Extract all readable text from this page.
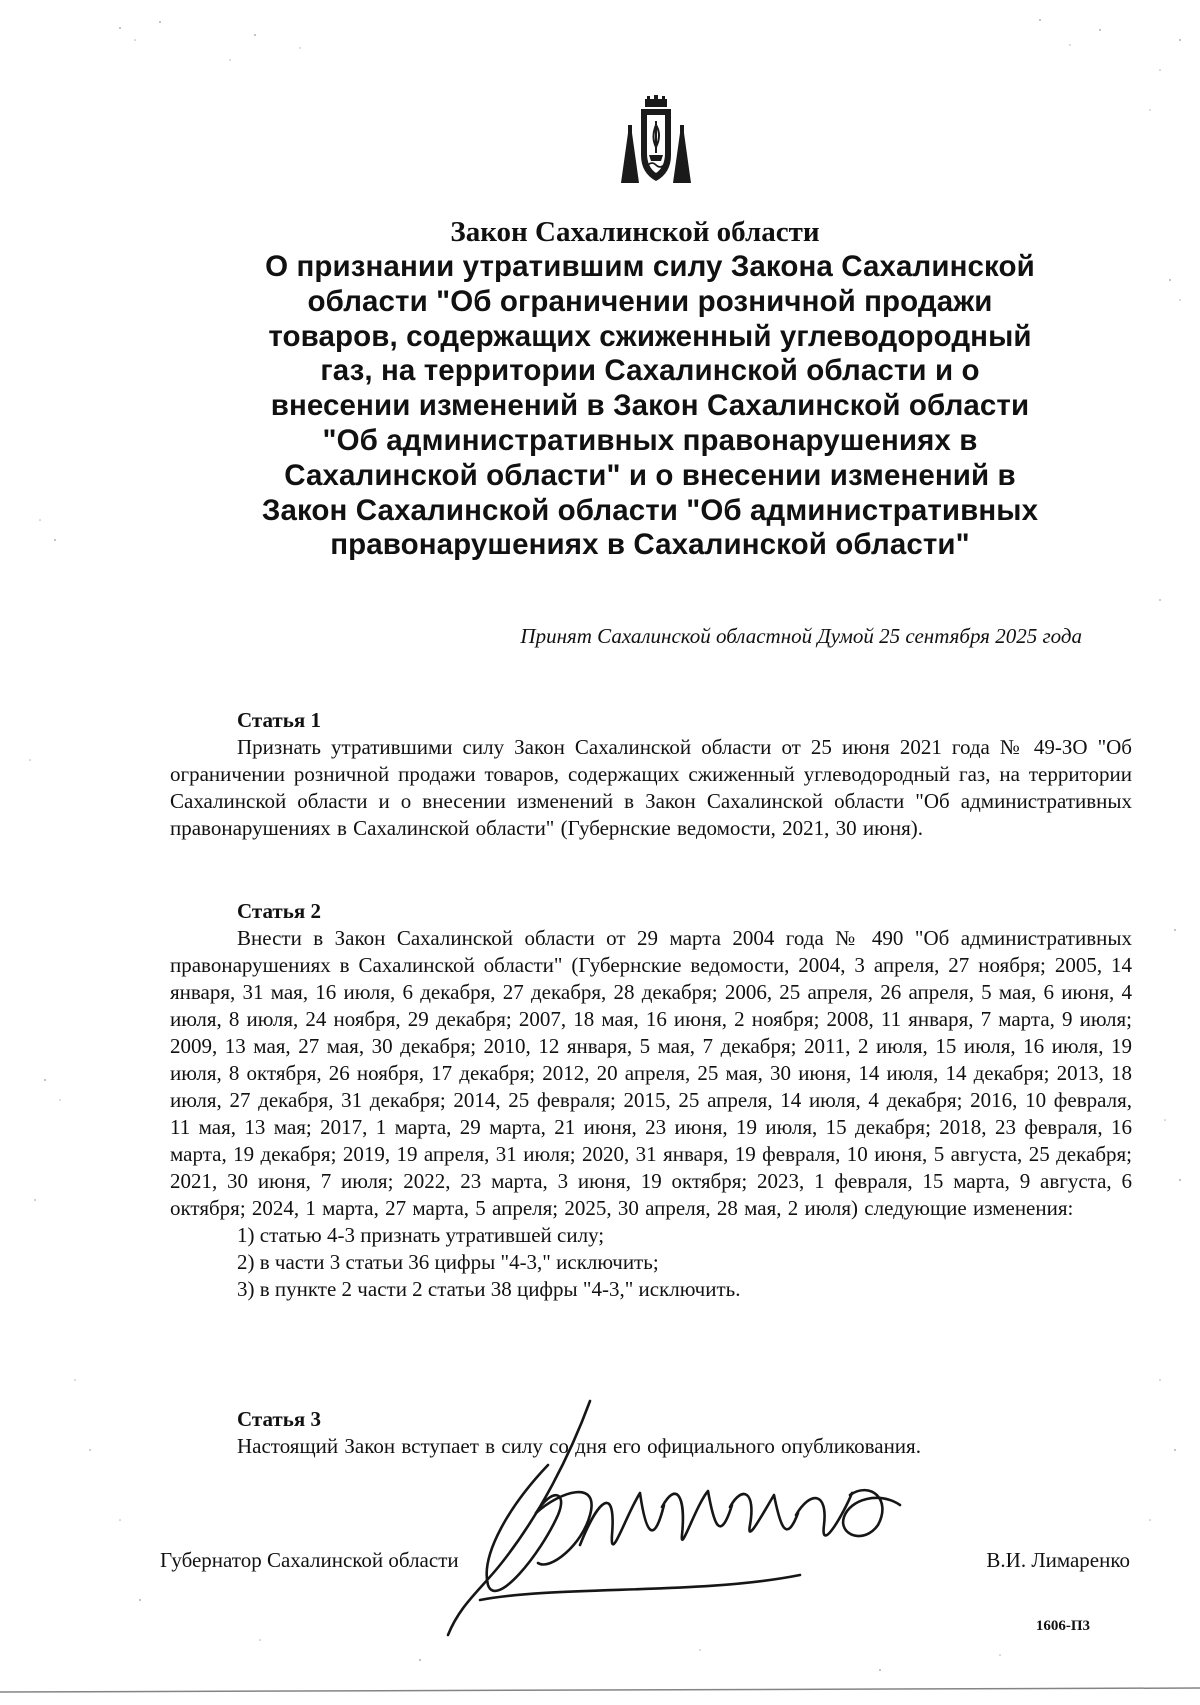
Закон Сахалинской области
О признании утратившим силу Закона Сахалинской
области "Об ограничении розничной продажи
товаров, содержащих сжиженный углеводородный
газ, на территории Сахалинской области и о
внесении изменений в Закон Сахалинской области
"Об административных правонарушениях в
Сахалинской области" и о внесении изменений в
Закон Сахалинской области "Об административных
правонарушениях в Сахалинской области"
Принят Сахалинской областной Думой 25 сентября 2025 года
Статья 1

Признать утратившими силу Закон Сахалинской области от 25 июня 2021 года № 49-ЗО "Об ограничении розничной продажи товаров, содержащих сжиженный углеводородный газ, на территории Сахалинской области и о внесении изменений в Закон Сахалинской области "Об административных правонарушениях в Сахалинской области" (Губернские ведомости, 2021, 30 июня).

Статья 2

Внести в Закон Сахалинской области от 29 марта 2004 года № 490 "Об административных правонарушениях в Сахалинской области" (Губернские ведомости, 2004, 3 апреля, 27 ноября; 2005, 14 января, 31 мая, 16 июля, 6 декабря, 27 декабря, 28 декабря; 2006, 25 апреля, 26 апреля, 5 мая, 6 июня, 4 июля, 8 июля, 24 ноября, 29 декабря; 2007, 18 мая, 16 июня, 2 ноября; 2008, 11 января, 7 марта, 9 июля; 2009, 13 мая, 27 мая, 30 декабря; 2010, 12 января, 5 мая, 7 декабря; 2011, 2 июля, 15 июля, 16 июля, 19 июля, 8 октября, 26 ноября, 17 декабря; 2012, 20 апреля, 25 мая, 30 июня, 14 июля, 14 декабря; 2013, 18 июля, 27 декабря, 31 декабря; 2014, 25 февраля; 2015, 25 апреля, 14 июля, 4 декабря; 2016, 10 февраля, 11 мая, 13 мая; 2017, 1 марта, 29 марта, 21 июня, 23 июня, 19 июля, 15 декабря; 2018, 23 февраля, 16 марта, 19 декабря; 2019, 19 апреля, 31 июля; 2020, 31 января, 19 февраля, 10 июня, 5 августа, 25 декабря; 2021, 30 июня, 7 июля; 2022, 23 марта, 3 июня, 19 октября; 2023, 1 февраля, 15 марта, 9 августа, 6 октября; 2024, 1 марта, 27 марта, 5 апреля; 2025, 30 апреля, 28 мая, 2 июля) следующие изменения:

1) статью 4-3 признать утратившей силу;

2) в части 3 статьи 36 цифры "4-3," исключить;

3) в пункте 2 части 2 статьи 38 цифры "4-3," исключить.

Статья 3

Настоящий Закон вступает в силу со дня его официального опубликования.

Губернатор Сахалинской области	В.И. Лимаренко
1606-П3
